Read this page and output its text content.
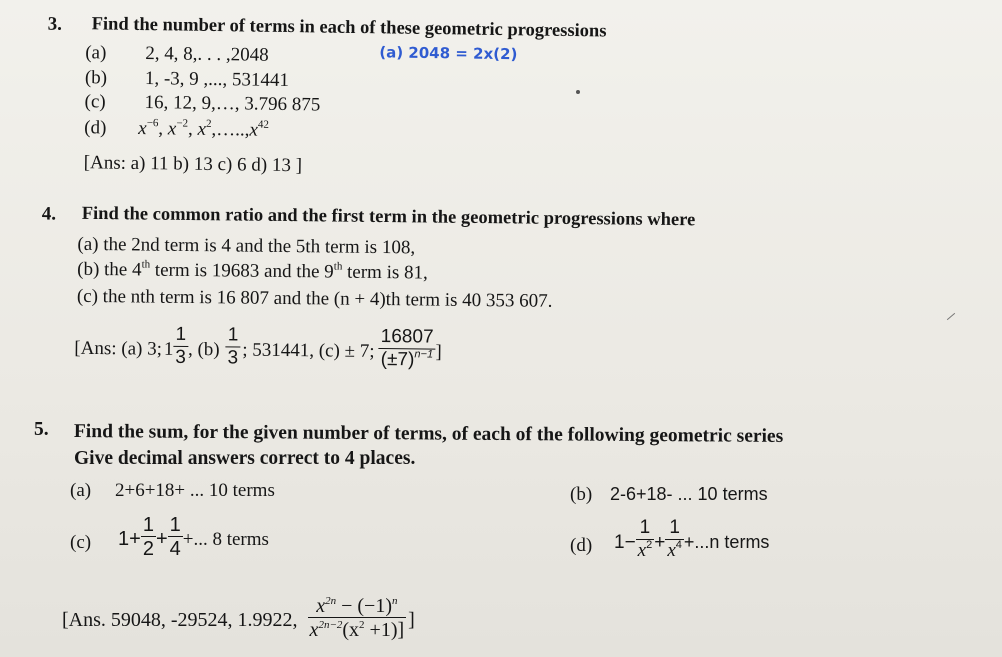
3. Find the number of terms in each of these geometric progressions
(a) 2, 4, 8,. . . ,2048	(a) 2048 = 2x(2)
(b) 1, -3, 9 ,..., 531441
(c) 16, 12, 9,…, 3.796 875
(d) $x^{-6}$, $x^{-2}$, $x^2,\dots..,x^{42}$
[Ans: a) 11 b) 13 c) 6 d) 13 ]
4. Find the common ratio and the first term in the geometric progressions where
(a) the 2nd term is 4 and the 5th term is 108,
(b) the 4th term is 19683 and the 9th term is 81,
(c) the nth term is 16 807 and the (n + 4)th term is 40 353 607.
[Ans: (a) 3; $1 \frac{1}{3}$ , $(b) \frac{1}{3}$ ; 531441, (c) ± 7; $\frac{16807}{(\pm 7)^{n-1}}$ ]
5. Find the sum, for the given number of terms, of each of the following geometric series
Give decimal answers correct to 4 places.
(a) 2+6+18+ ... 10 terms	(b) 2-6+18- ... 10 terms
(c) $1+ \frac{1}{2} + \frac{1}{4}$ +... 8 terms	(d) $1- \frac{1}{x^2} + \frac{1}{x^4} +...n$ terms
[Ans. 59048, -29524, 1.9922, $\frac{x^{2n} - (-1)^n}{x^{2n-2}(x^2 +1)]}$ ]
